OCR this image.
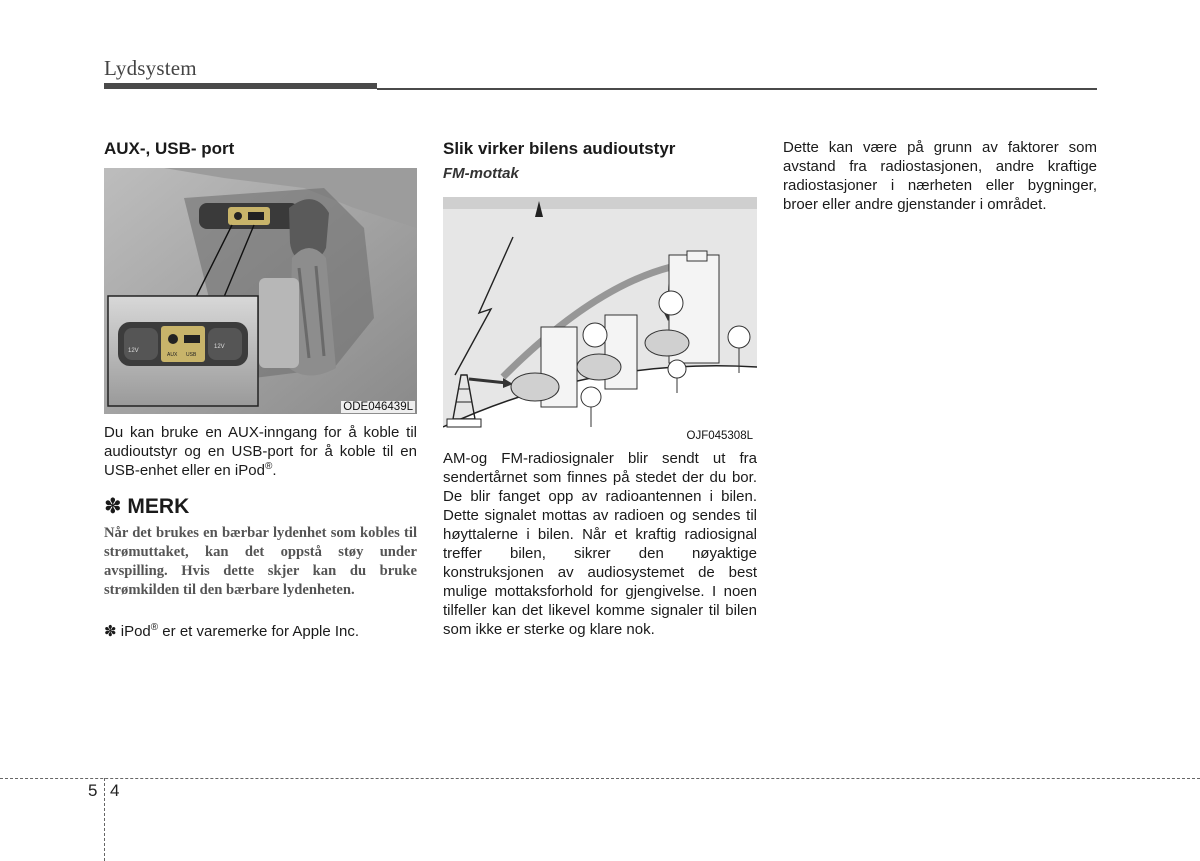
Lydsystem
AUX-, USB- port
12V
AUX USB
12V
ODE046439L

Du kan bruke en AUX-inngang for å koble til audioutstyr og en USB-port for å koble til en USB-enhet eller en iPod®.

✽ MERK

Når det brukes en bærbar lydenhet som kobles til strømuttaket, kan det oppstå støy under avspilling. Hvis dette skjer kan du bruke strømkilden til den bærbare lydenheten.

✽ iPod® er et varemerke for Apple Inc.
Slik virker bilens audioutstyr
FM-mottak
OJF045308L

AM-og FM-radiosignaler blir sendt ut fra sendertårnet som finnes på stedet der du bor. De blir fanget opp av radioantennen i bilen. Dette signalet mottas av radioen og sendes til høyttalerne i bilen. Når et kraftig radiosignal treffer bilen, sikrer den nøyaktige konstruksjonen av audiosystemet de best mulige mottaksforhold for gjengivelse. I noen tilfeller kan det likevel komme signaler til bilen som ikke er sterke og klare nok.

Dette kan være på grunn av faktorer som avstand fra radiostasjonen, andre kraftige radiostasjoner i nærheten eller bygninger, broer eller andre gjenstander i området.

5 4
